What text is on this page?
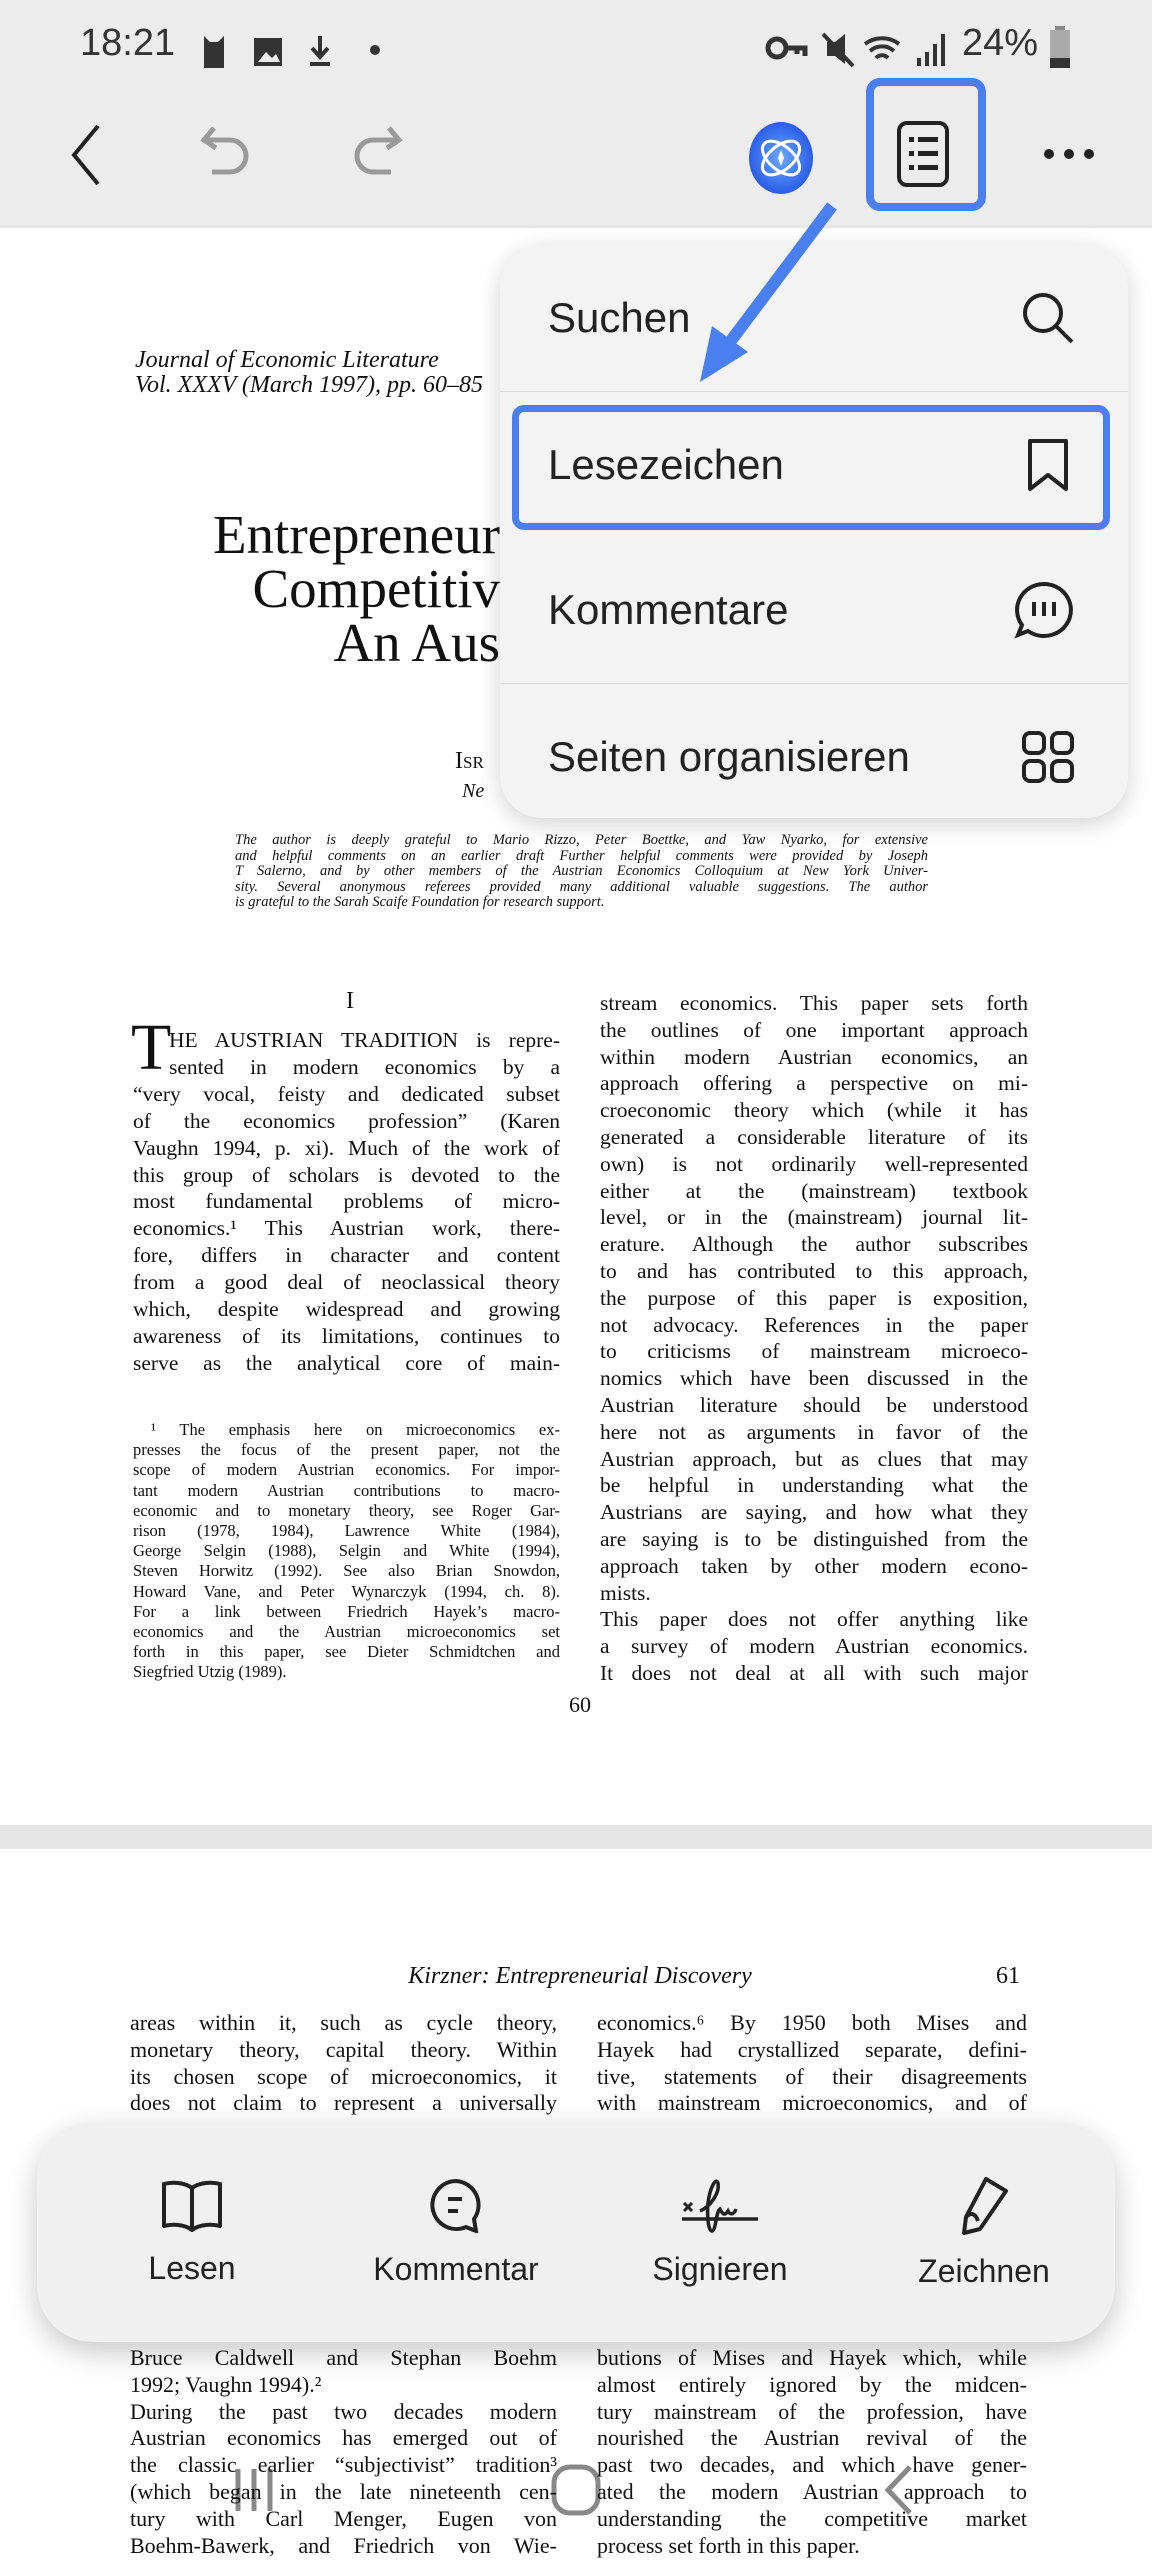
18:21	24%
Journal of Economic Literature
Vol. XXXV (March 1997), pp. 60–85
Entrepreneur
Competitiv
An Aus
Isr
Ne
I
T
60
The author is deeply grateful to Mario Rizzo, Peter Boettke, and Yaw Nyarko, for extensive
and helpful comments on an earlier draft Further helpful comments were provided by Joseph
T Salerno, and by other members of the Austrian Economics Colloquium at New York Univer-
sity. Several anonymous referees provided many additional valuable suggestions. The author
is grateful to the Sarah Scaife Foundation for research support.
HE AUSTRIAN TRADITION is repre-
sented in modern economics by a
“very vocal, feisty and dedicated subset
of the economics profession” (Karen
Vaughn 1994, p. xi). Much of the work of
this group of scholars is devoted to the
most fundamental problems of micro-
economics.¹ This Austrian work, there-
fore, differs in character and content
from a good deal of neoclassical theory
which, despite widespread and growing
awareness of its limitations, continues to
serve as the analytical core of main-
¹ The emphasis here on microeconomics ex-
presses the focus of the present paper, not the
scope of modern Austrian economics. For impor-
tant modern Austrian contributions to macro-
economic and to monetary theory, see Roger Gar-
rison (1978, 1984), Lawrence White (1984),
George Selgin (1988), Selgin and White (1994),
Steven Horwitz (1992). See also Brian Snowdon,
Howard Vane, and Peter Wynarczyk (1994, ch. 8).
For a link between Friedrich Hayek’s macro-
economics and the Austrian microeconomics set
forth in this paper, see Dieter Schmidtchen and
Siegfried Utzig (1989).
stream economics. This paper sets forth
the outlines of one important approach
within modern Austrian economics, an
approach offering a perspective on mi-
croeconomic theory which (while it has
generated a considerable literature of its
own) is not ordinarily well-represented
either at the (mainstream) textbook
level, or in the (mainstream) journal lit-
erature. Although the author subscribes
to and has contributed to this approach,
the purpose of this paper is exposition,
not advocacy. References in the paper
to criticisms of mainstream microeco-
nomics which have been discussed in the
Austrian literature should be understood
here not as arguments in favor of the
Austrian approach, but as clues that may
be helpful in understanding what the
Austrians are saying, and how what they
are saying is to be distinguished from the
approach taken by other modern econo-
mists.
This paper does not offer anything like
a survey of modern Austrian economics.
It does not deal at all with such major
Kirzner: Entrepreneurial Discovery	61
areas within it, such as cycle theory,
monetary theory, capital theory. Within
its chosen scope of microeconomics, it
does not claim to represent a universally
economics.⁶ By 1950 both Mises and
Hayek had crystallized separate, defini-
tive, statements of their disagreements
with mainstream microeconomics, and of
Bruce Caldwell and Stephan Boehm
1992; Vaughn 1994).²
During the past two decades modern
Austrian economics has emerged out of
the classic earlier “subjectivist” tradition³
(which began in the late nineteenth cen-
tury with Carl Menger, Eugen von
Boehm-Bawerk, and Friedrich von Wie-
butions of Mises and Hayek which, while
almost entirely ignored by the midcen-
tury mainstream of the profession, have
nourished the Austrian revival of the
past two decades, and which have gener-
ated the modern Austrian approach to
understanding the competitive market
process set forth in this paper.
Suchen
Lesezeichen
Kommentare
Seiten organisieren
Lesen	Kommentar	Signieren	Zeichnen
